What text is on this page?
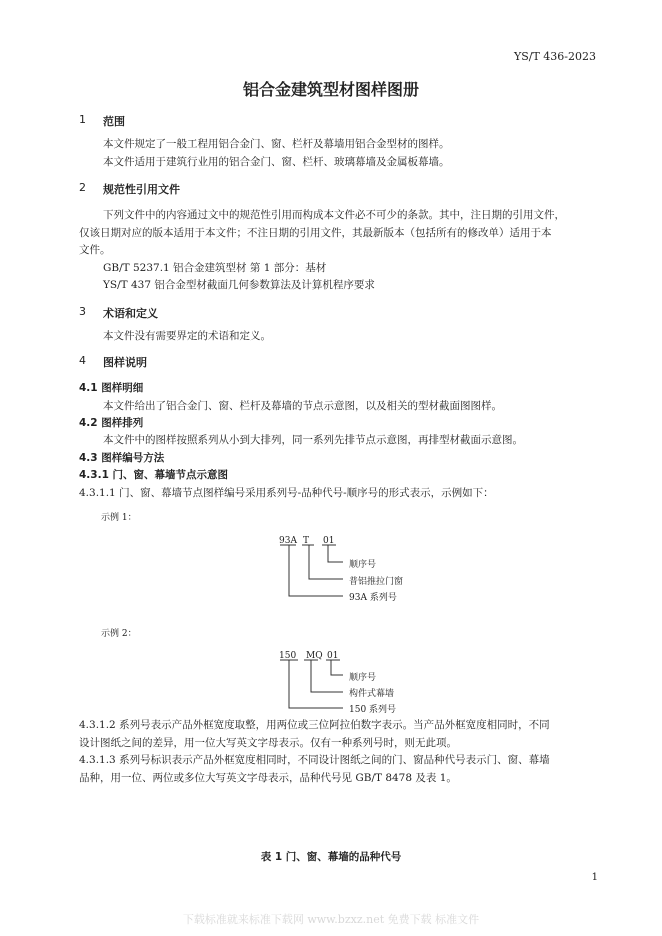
YS/T 436-2023
铝合金建筑型材图样图册
1 范围
本文件规定了一般工程用铝合金门、窗、栏杆及幕墙用铝合金型材的图样。
本文件适用于建筑行业用的铝合金门、窗、栏杆、玻璃幕墙及金属板幕墙。
2 规范性引用文件
下列文件中的内容通过文中的规范性引用而构成本文件必不可少的条款。其中，注日期的引用文件，
仅该日期对应的版本适用于本文件；不注日期的引用文件，其最新版本（包括所有的修改单）适用于本
文件。
GB/T 5237.1 铝合金建筑型材 第 1 部分：基材
YS/T 437 铝合金型材截面几何参数算法及计算机程序要求
3 术语和定义
本文件没有需要界定的术语和定义。
4 图样说明
4.1 图样明细
本文件给出了铝合金门、窗、栏杆及幕墙的节点示意图，以及相关的型材截面图图样。
4.2 图样排列
本文件中的图样按照系列从小到大排列，同一系列先排节点示意图，再排型材截面示意图。
4.3 图样编号方法
4.3.1 门、窗、幕墙节点示意图
4.3.1.1 门、窗、幕墙节点图样编号采用系列号-品种代号-顺序号的形式表示，示例如下：
示例 1：
93A T 01
顺序号
普铝推拉门窗
93A 系列号
示例 2：
150 MQ 01
顺序号
构件式幕墙
150 系列号
4.3.1.2 系列号表示产品外框宽度取整，用两位或三位阿拉伯数字表示。当产品外框宽度相同时，不同
设计图纸之间的差异，用一位大写英文字母表示。仅有一种系列号时，则无此项。
4.3.1.3 系列号标识表示产品外框宽度相同时，不同设计图纸之间的门、窗品种代号表示门、窗、幕墙
品种，用一位、两位或多位大写英文字母表示，品种代号见 GB/T 8478 及表 1。
表 1 门、窗、幕墙的品种代号
1
下载标准就来标准下载网 www.bzxz.net 免费下载 标准文件
